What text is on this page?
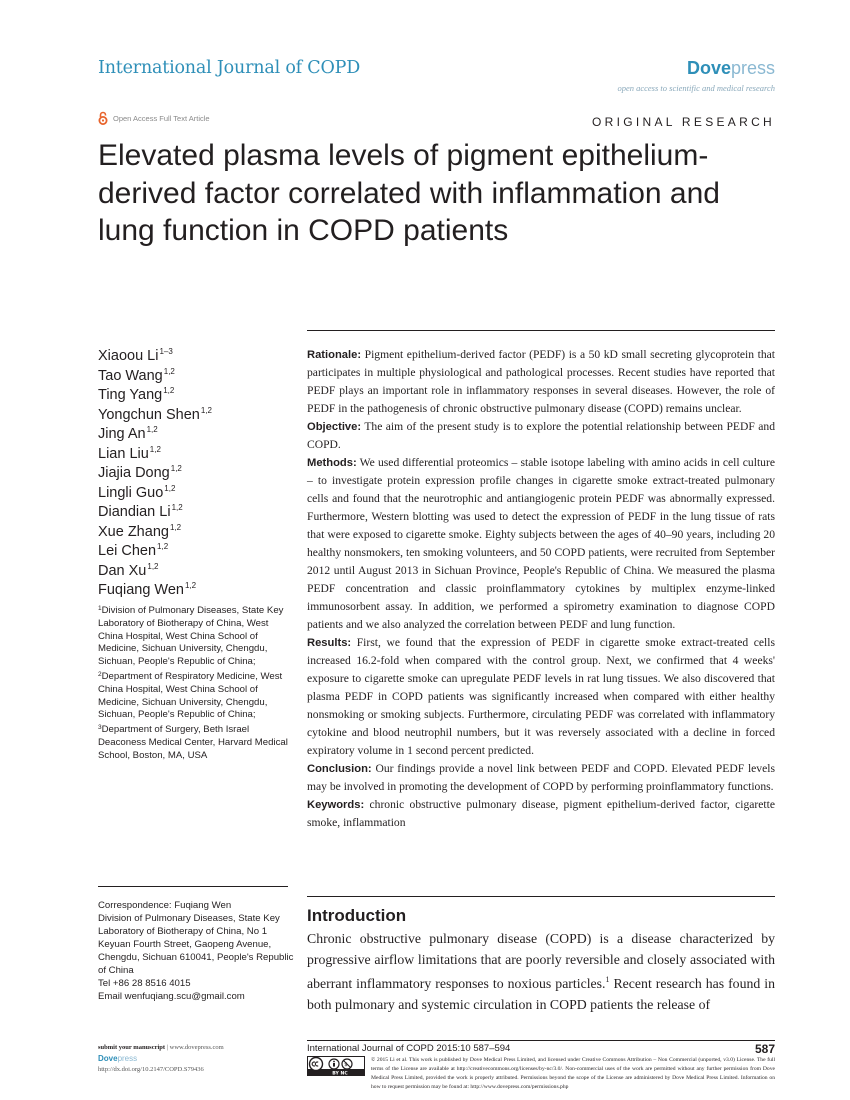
International Journal of COPD	Dovepress
open access to scientific and medical research
Open Access Full Text Article	ORIGINAL RESEARCH
Elevated plasma levels of pigment epithelium-derived factor correlated with inflammation and lung function in COPD patients
Xiaoou Li$^{1-3}$
Tao Wang$^{1,2}$
Ting Yang$^{1,2}$
Yongchun Shen$^{1,2}$
Jing An$^{1,2}$
Lian Liu$^{1,2}$
Jiajia Dong$^{1,2}$
Lingli Guo$^{1,2}$
Diandian Li$^{1,2}$
Xue Zhang$^{1,2}$
Lei Chen$^{1,2}$
Dan Xu$^{1,2}$
Fuqiang Wen$^{1,2}$

$^1$Division of Pulmonary Diseases, State Key Laboratory of Biotherapy of China, West China Hospital, West China School of Medicine, Sichuan University, Chengdu, Sichuan, People's Republic of China; $^2$Department of Respiratory Medicine, West China Hospital, West China School of Medicine, Sichuan University, Chengdu, Sichuan, People's Republic of China; $^3$Department of Surgery, Beth Israel Deaconess Medical Center, Harvard Medical School, Boston, MA, USA

Correspondence: Fuqiang Wen

Division of Pulmonary Diseases, State Key Laboratory of Biotherapy of China, No 1 Keyuan Fourth Street, Gaopeng Avenue, Chengdu, Sichuan 610041, People's Republic of China

Tel +86 28 8516 4015

Email wenfuqiang.scu@gmail.com

Rationale: Pigment epithelium-derived factor (PEDF) is a 50 kD small secreting glycoprotein that participates in multiple physiological and pathological processes. Recent studies have reported that PEDF plays an important role in inflammatory responses in several diseases. However, the role of PEDF in the pathogenesis of chronic obstructive pulmonary disease (COPD) remains unclear.

Objective: The aim of the present study is to explore the potential relationship between PEDF and COPD.

Methods: We used differential proteomics – stable isotope labeling with amino acids in cell culture – to investigate protein expression profile changes in cigarette smoke extract-treated pulmonary cells and found that the neurotrophic and antiangiogenic protein PEDF was abnormally expressed. Furthermore, Western blotting was used to detect the expression of PEDF in the lung tissue of rats that were exposed to cigarette smoke. Eighty subjects between the ages of 40–90 years, including 20 healthy nonsmokers, ten smoking volunteers, and 50 COPD patients, were recruited from September 2012 until August 2013 in Sichuan Province, People's Republic of China. We measured the plasma PEDF concentration and classic proinflammatory cytokines by multiplex enzyme-linked immunosorbent assay. In addition, we performed a spirometry examination to diagnose COPD patients and we also analyzed the correlation between PEDF and lung function.

Results: First, we found that the expression of PEDF in cigarette smoke extract-treated cells increased 16.2-fold when compared with the control group. Next, we confirmed that 4 weeks' exposure to cigarette smoke can upregulate PEDF levels in rat lung tissues. We also discovered that plasma PEDF in COPD patients was significantly increased when compared with either healthy nonsmoking or smoking subjects. Furthermore, circulating PEDF was correlated with inflammatory cytokine and blood neutrophil numbers, but it was reversely associated with a decline in forced expiratory volume in 1 second percent predicted.

Conclusion: Our findings provide a novel link between PEDF and COPD. Elevated PEDF levels may be involved in promoting the development of COPD by performing proinflammatory functions.

Keywords: chronic obstructive pulmonary disease, pigment epithelium-derived factor, cigarette smoke, inflammation

Introduction
Chronic obstructive pulmonary disease (COPD) is a disease characterized by progressive airflow limitations that are poorly reversible and closely associated with aberrant inflammatory responses to noxious particles.$^1$ Recent research has found in both pulmonary and systemic circulation in COPD patients the release of
submit your manuscript | www.dovepress.com
Dovepress
http://dx.doi.org/10.2147/COPD.S79436
International Journal of COPD 2015:10 587–594	587
$
BY NC
© 2015 Li et al. This work is published by Dove Medical Press Limited, and licensed under Creative Commons Attribution – Non Commercial (unported, v3.0) License. The full terms of the License are available at http://creativecommons.org/licenses/by-nc/3.0/. Non-commercial uses of the work are permitted without any further permission from Dove Medical Press Limited, provided the work is properly attributed. Permissions beyond the scope of the License are administered by Dove Medical Press Limited. Information on how to request permission may be found at: http://www.dovepress.com/permissions.php
